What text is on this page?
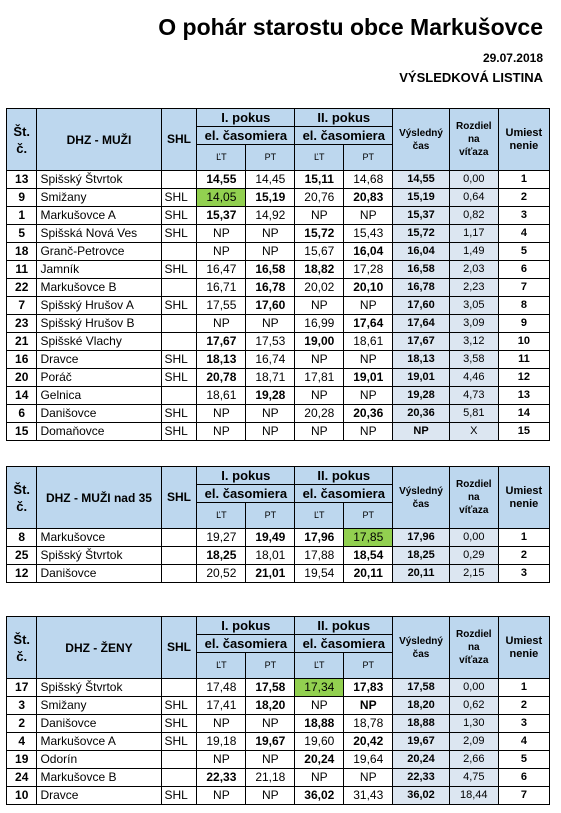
O pohár starostu obce Markušovce
29.07.2018
VÝSLEDKOVÁ LISTINA
Št. č.	DHZ - MUŽI	SHL	I. pokus		II. pokus		Výsledný čas	Rozdiel na víťaza	Umiest nenie
			el. časomiera		el. časomiera				
			ĽT	PT	ĽT	PT			
13	Spišský Štvrtok		14,55	14,45	15,11	14,68	14,55	0,00	1
9	Smižany	SHL	14,05	15,19	20,76	20,83	15,19	0,64	2
1	Markušovce A	SHL	15,37	14,92	NP	NP	15,37	0,82	3
5	Spišská Nová Ves	SHL	NP	NP	15,72	15,43	15,72	1,17	4
18	Granč-Petrovce		NP	NP	15,67	16,04	16,04	1,49	5
11	Jamník	SHL	16,47	16,58	18,82	17,28	16,58	2,03	6
22	Markušovce B		16,71	16,78	20,02	20,10	16,78	2,23	7
7	Spišský Hrušov A	SHL	17,55	17,60	NP	NP	17,60	3,05	8
23	Spišský Hrušov B		NP	NP	16,99	17,64	17,64	3,09	9
21	Spišské Vlachy		17,67	17,53	19,00	18,61	17,67	3,12	10
16	Dravce	SHL	18,13	16,74	NP	NP	18,13	3,58	11
20	Poráč	SHL	20,78	18,71	17,81	19,01	19,01	4,46	12
14	Gelnica		18,61	19,28	NP	NP	19,28	4,73	13
6	Danišovce	SHL	NP	NP	20,28	20,36	20,36	5,81	14
15	Domaňovce	SHL	NP	NP	NP	NP	NP	X	15
Št. č.	DHZ - MUŽI nad 35	SHL	I. pokus		II. pokus		Výsledný čas	Rozdiel na víťaza	Umiest nenie
			el. časomiera		el. časomiera				
			ĽT	PT	ĽT	PT			
8	Markušovce		19,27	19,49	17,96	17,85	17,96	0,00	1
25	Spišský Štvrtok		18,25	18,01	17,88	18,54	18,25	0,29	2
12	Danišovce		20,52	21,01	19,54	20,11	20,11	2,15	3
Št. č.	DHZ - ŽENY	SHL	I. pokus		II. pokus		Výsledný čas	Rozdiel na víťaza	Umiest nenie
			el. časomiera		el. časomiera				
			ĽT	PT	ĽT	PT			
17	Spišský Štvrtok		17,48	17,58	17,34	17,83	17,58	0,00	1
3	Smižany	SHL	17,41	18,20	NP	NP	18,20	0,62	2
2	Danišovce	SHL	NP	NP	18,88	18,78	18,88	1,30	3
4	Markušovce A	SHL	19,18	19,67	19,60	20,42	19,67	2,09	4
19	Odorín		NP	NP	20,24	19,64	20,24	2,66	5
24	Markušovce B		22,33	21,18	NP	NP	22,33	4,75	6
10	Dravce	SHL	NP	NP	36,02	31,43	36,02	18,44	7
